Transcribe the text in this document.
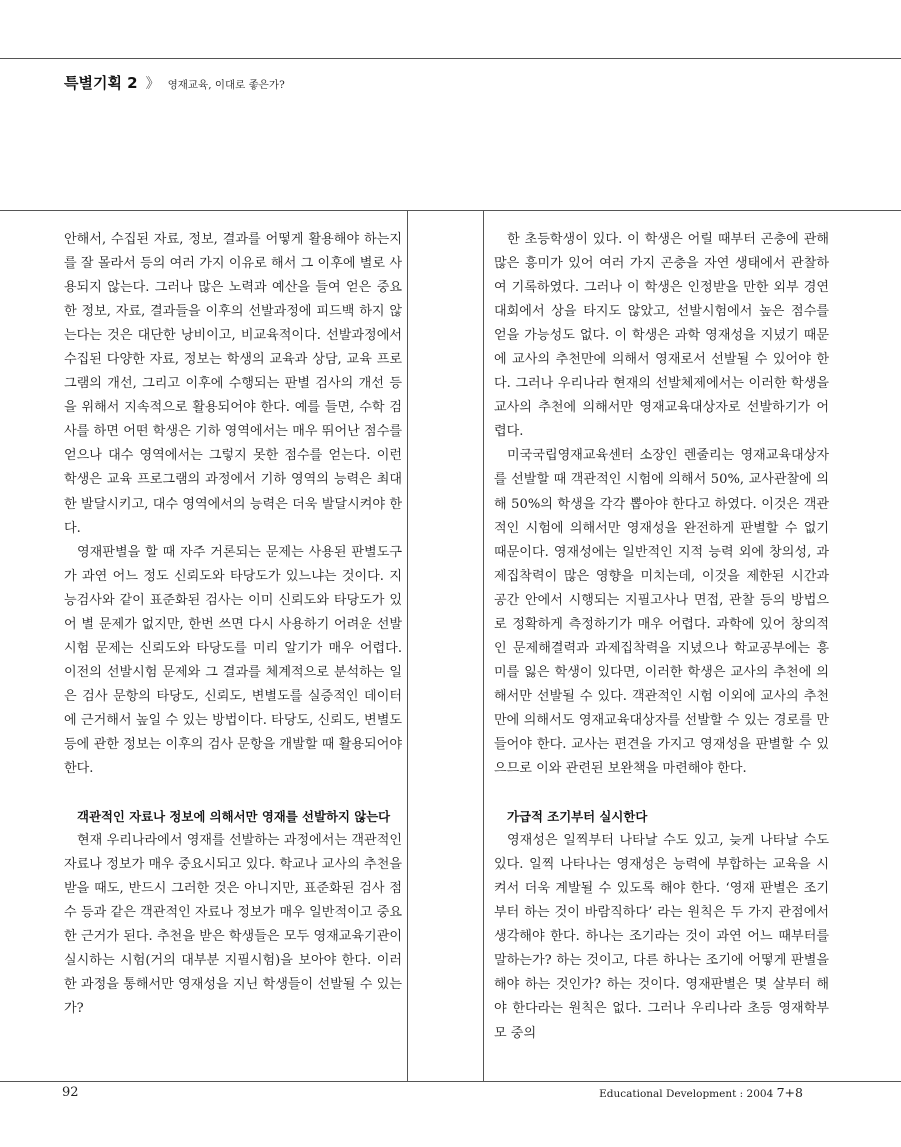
특별기획 2 》 영재교육, 이대로 좋은가?

안해서, 수집된 자료, 정보, 결과를 어떻게 활용해야 하는지를 잘 몰라서 등의 여러 가지 이유로 해서 그 이후에 별로 사용되지 않는다. 그러나 많은 노력과 예산을 들여 얻은 중요한 정보, 자료, 결과들을 이후의 선발과정에 피드백 하지 않는다는 것은 대단한 낭비이고, 비교육적이다. 선발과정에서 수집된 다양한 자료, 정보는 학생의 교육과 상담, 교육 프로그램의 개선, 그리고 이후에 수행되는 판별 검사의 개선 등을 위해서 지속적으로 활용되어야 한다. 예를 들면, 수학 검사를 하면 어떤 학생은 기하 영역에서는 매우 뛰어난 점수를 얻으나 대수 영역에서는 그렇지 못한 점수를 얻는다. 이런 학생은 교육 프로그램의 과정에서 기하 영역의 능력은 최대한 발달시키고, 대수 영역에서의 능력은 더욱 발달시켜야 한다.

영재판별을 할 때 자주 거론되는 문제는 사용된 판별도구가 과연 어느 정도 신뢰도와 타당도가 있느냐는 것이다. 지능검사와 같이 표준화된 검사는 이미 신뢰도와 타당도가 있어 별 문제가 없지만, 한번 쓰면 다시 사용하기 어려운 선발시험 문제는 신뢰도와 타당도를 미리 알기가 매우 어렵다. 이전의 선발시험 문제와 그 결과를 체계적으로 분석하는 일은 검사 문항의 타당도, 신뢰도, 변별도를 실증적인 데이터에 근거해서 높일 수 있는 방법이다. 타당도, 신뢰도, 변별도 등에 관한 정보는 이후의 검사 문항을 개발할 때 활용되어야 한다.

객관적인 자료나 정보에 의해서만 영재를 선발하지 않는다

현재 우리나라에서 영재를 선발하는 과정에서는 객관적인 자료나 정보가 매우 중요시되고 있다. 학교나 교사의 추천을 받을 때도, 반드시 그러한 것은 아니지만, 표준화된 검사 점수 등과 같은 객관적인 자료나 정보가 매우 일반적이고 중요한 근거가 된다. 추천을 받은 학생들은 모두 영재교육기관이 실시하는 시험(거의 대부분 지필시험)을 보아야 한다. 이러한 과정을 통해서만 영재성을 지닌 학생들이 선발될 수 있는가?

한 초등학생이 있다. 이 학생은 어릴 때부터 곤충에 관해 많은 흥미가 있어 여러 가지 곤충을 자연 생태에서 관찰하여 기록하였다. 그러나 이 학생은 인정받을 만한 외부 경연대회에서 상을 타지도 않았고, 선발시험에서 높은 점수를 얻을 가능성도 없다. 이 학생은 과학 영재성을 지녔기 때문에 교사의 추천만에 의해서 영재로서 선발될 수 있어야 한다. 그러나 우리나라 현재의 선발체제에서는 이러한 학생을 교사의 추천에 의해서만 영재교육대상자로 선발하기가 어렵다.

미국국립영재교육센터 소장인 렌줄리는 영재교육대상자를 선발할 때 객관적인 시험에 의해서 50%, 교사관찰에 의해 50%의 학생을 각각 뽑아야 한다고 하였다. 이것은 객관적인 시험에 의해서만 영재성을 완전하게 판별할 수 없기 때문이다. 영재성에는 일반적인 지적 능력 외에 창의성, 과제집착력이 많은 영향을 미치는데, 이것을 제한된 시간과 공간 안에서 시행되는 지필고사나 면접, 관찰 등의 방법으로 정확하게 측정하기가 매우 어렵다. 과학에 있어 창의적인 문제해결력과 과제집착력을 지녔으나 학교공부에는 흥미를 잃은 학생이 있다면, 이러한 학생은 교사의 추천에 의해서만 선발될 수 있다. 객관적인 시험 이외에 교사의 추천만에 의해서도 영재교육대상자를 선발할 수 있는 경로를 만들어야 한다. 교사는 편견을 가지고 영재성을 판별할 수 있으므로 이와 관련된 보완책을 마련해야 한다.

가급적 조기부터 실시한다

영재성은 일찍부터 나타날 수도 있고, 늦게 나타날 수도 있다. 일찍 나타나는 영재성은 능력에 부합하는 교육을 시켜서 더욱 계발될 수 있도록 해야 한다. ‘영재 판별은 조기부터 하는 것이 바람직하다’ 라는 원칙은 두 가지 관점에서 생각해야 한다. 하나는 조기라는 것이 과연 어느 때부터를 말하는가? 하는 것이고, 다른 하나는 조기에 어떻게 판별을 해야 하는 것인가? 하는 것이다. 영재판별은 몇 살부터 해야 한다라는 원칙은 없다. 그러나 우리나라 초등 영재학부모 중의

92	Educational Development : 2004 7+8
